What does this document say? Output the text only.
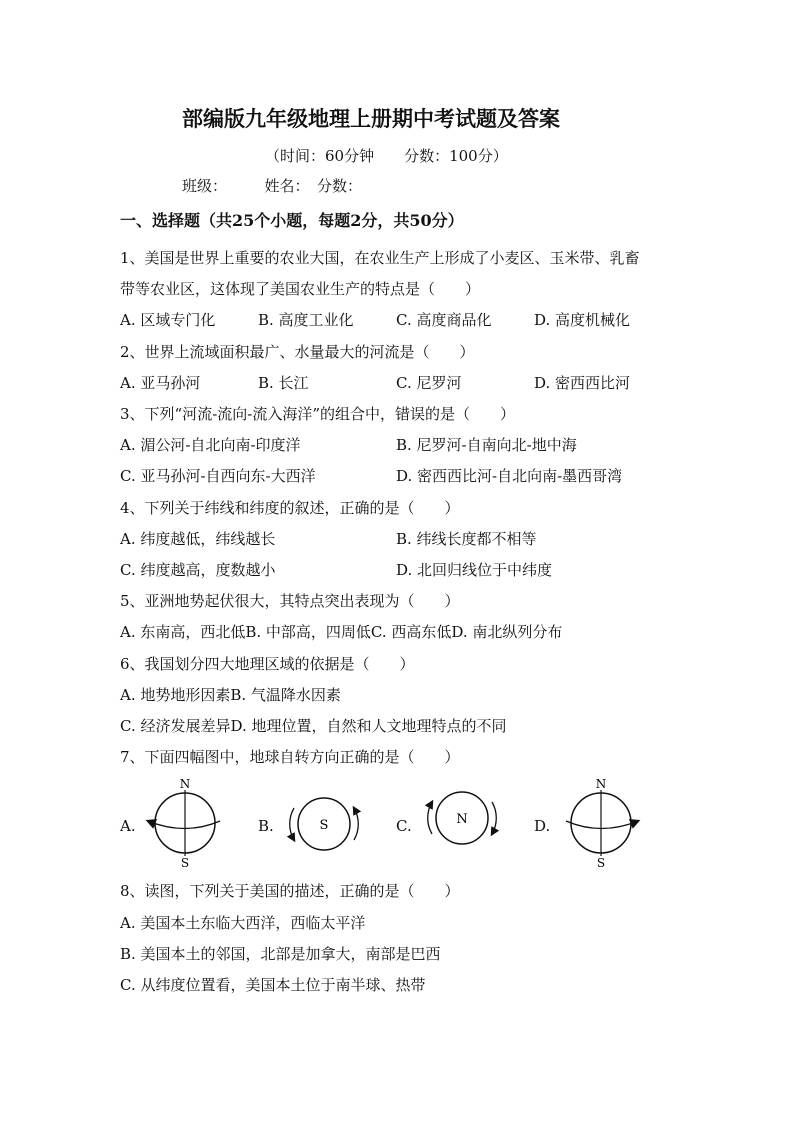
部编版九年级地理上册期中考试题及答案
（时间：60分钟　　分数：100分）
班级：　　　姓名：　分数：
一、选择题（共25个小题，每题2分，共50分）
1、美国是世界上重要的农业大国，在农业生产上形成了小麦区、玉米带、乳畜
带等农业区，这体现了美国农业生产的特点是（　　）
A. 区域专门化	B. 高度工业化	C. 高度商品化	D. 高度机械化
2、世界上流域面积最广、水量最大的河流是（　　）
A. 亚马孙河	B. 长江	C. 尼罗河	D. 密西西比河
3、下列“河流-流向-流入海洋”的组合中，错误的是（　　）
A. 湄公河-自北向南-印度洋	B. 尼罗河-自南向北-地中海
C. 亚马孙河-自西向东-大西洋	D. 密西西比河-自北向南-墨西哥湾
4、下列关于纬线和纬度的叙述，正确的是（　　）
A. 纬度越低，纬线越长	B. 纬线长度都不相等
C. 纬度越高，度数越小	D. 北回归线位于中纬度
5、亚洲地势起伏很大，其特点突出表现为（　　）
A. 东南高，西北低B. 中部高，四周低C. 西高东低D. 南北纵列分布
6、我国划分四大地理区域的依据是（　　）
A. 地势地形因素B. 气温降水因素
C. 经济发展差异D. 地理位置，自然和人文地理特点的不同
7、下面四幅图中，地球自转方向正确的是（　　）
A.	B.	C.	D.
N
S
S	N
N
S
8、读图，下列关于美国的描述，正确的是（　　）
A. 美国本土东临大西洋，西临太平洋
B. 美国本土的邻国，北部是加拿大，南部是巴西
C. 从纬度位置看，美国本土位于南半球、热带
